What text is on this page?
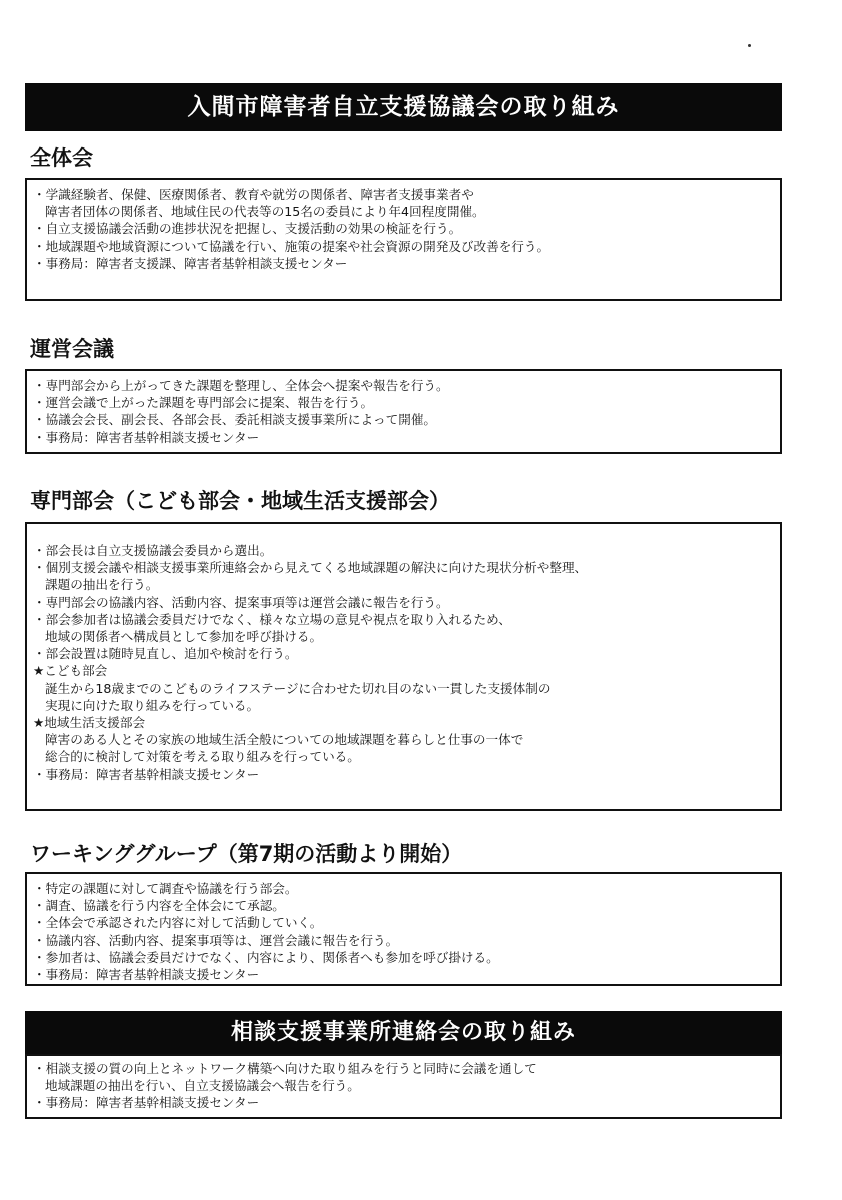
入間市障害者自立支援協議会の取り組み
全体会
・学識経験者、保健、医療関係者、教育や就労の関係者、障害者支援事業者や
障害者団体の関係者、地域住民の代表等の15名の委員により年4回程度開催。
・自立支援協議会活動の進捗状況を把握し、支援活動の効果の検証を行う。
・地域課題や地域資源について協議を行い、施策の提案や社会資源の開発及び改善を行う。
・事務局：障害者支援課、障害者基幹相談支援センター
運営会議
・専門部会から上がってきた課題を整理し、全体会へ提案や報告を行う。
・運営会議で上がった課題を専門部会に提案、報告を行う。
・協議会会長、副会長、各部会長、委託相談支援事業所によって開催。
・事務局：障害者基幹相談支援センター
専門部会（こども部会・地域生活支援部会）
・部会長は自立支援協議会委員から選出。
・個別支援会議や相談支援事業所連絡会から見えてくる地域課題の解決に向けた現状分析や整理、
課題の抽出を行う。
・専門部会の協議内容、活動内容、提案事項等は運営会議に報告を行う。
・部会参加者は協議会委員だけでなく、様々な立場の意見や視点を取り入れるため、
地域の関係者へ構成員として参加を呼び掛ける。
・部会設置は随時見直し、追加や検討を行う。
★こども部会
誕生から18歳までのこどものライフステージに合わせた切れ目のない一貫した支援体制の
実現に向けた取り組みを行っている。
★地域生活支援部会
障害のある人とその家族の地域生活全般についての地域課題を暮らしと仕事の一体で
総合的に検討して対策を考える取り組みを行っている。
・事務局：障害者基幹相談支援センター
ワーキンググループ（第7期の活動より開始）
・特定の課題に対して調査や協議を行う部会。
・調査、協議を行う内容を全体会にて承認。
・全体会で承認された内容に対して活動していく。
・協議内容、活動内容、提案事項等は、運営会議に報告を行う。
・参加者は、協議会委員だけでなく、内容により、関係者へも参加を呼び掛ける。
・事務局：障害者基幹相談支援センター
相談支援事業所連絡会の取り組み
・相談支援の質の向上とネットワーク構築へ向けた取り組みを行うと同時に会議を通して
地域課題の抽出を行い、自立支援協議会へ報告を行う。
・事務局：障害者基幹相談支援センター
